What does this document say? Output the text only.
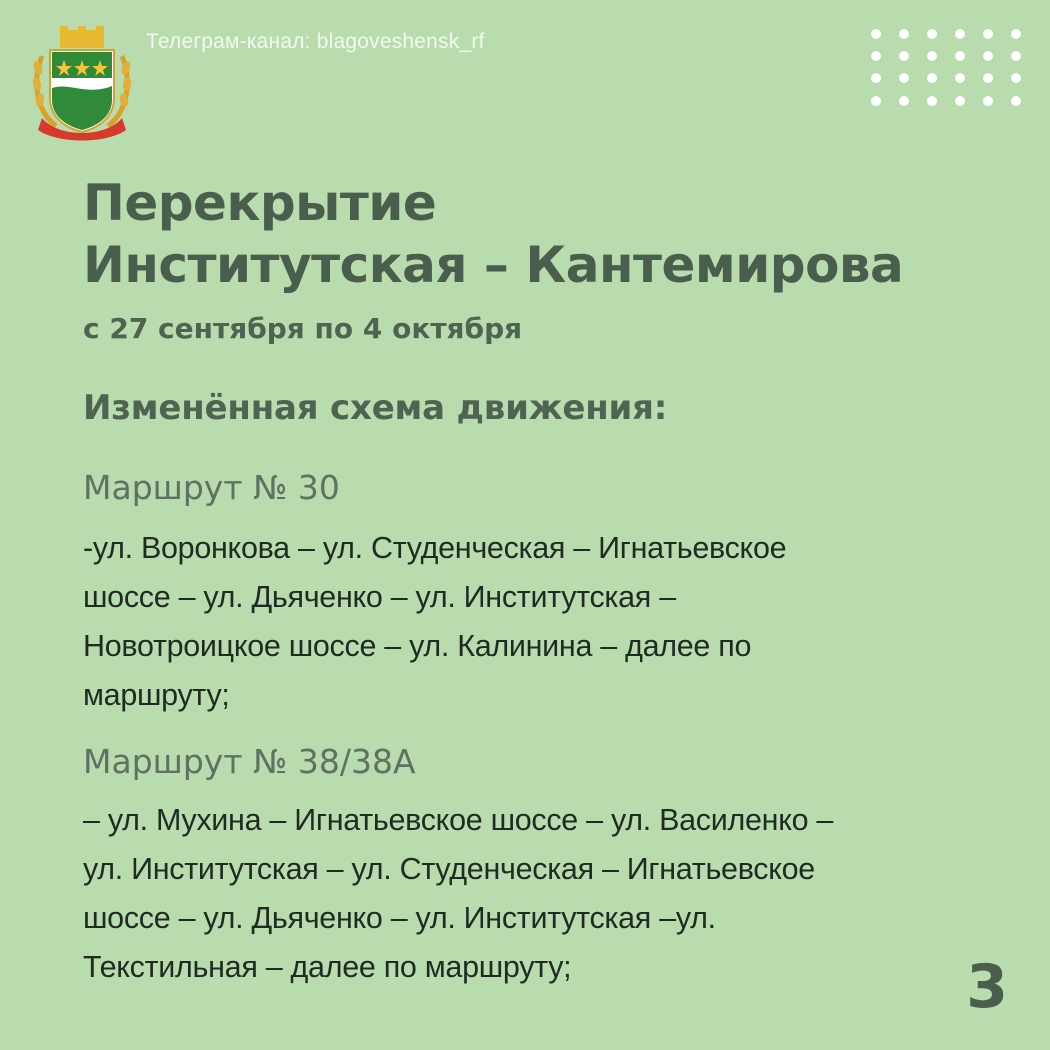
Телеграм-канал: blagoveshensk_rf
Перекрытие
Институтская – Кантемирова
с 27 сентября по 4 октября
Изменённая схема движения:
Маршрут № 30
-ул. Воронкова – ул. Студенческая – Игнатьевское
шоссе – ул. Дьяченко – ул. Институтская –
Новотроицкое шоссе – ул. Калинина – далее по
маршруту;
Маршрут № 38/38А
– ул. Мухина – Игнатьевское шоссе – ул. Василенко –
ул. Институтская – ул. Студенческая – Игнатьевское
шоссе – ул. Дьяченко – ул. Институтская –ул.
Текстильная – далее по маршруту;	3
